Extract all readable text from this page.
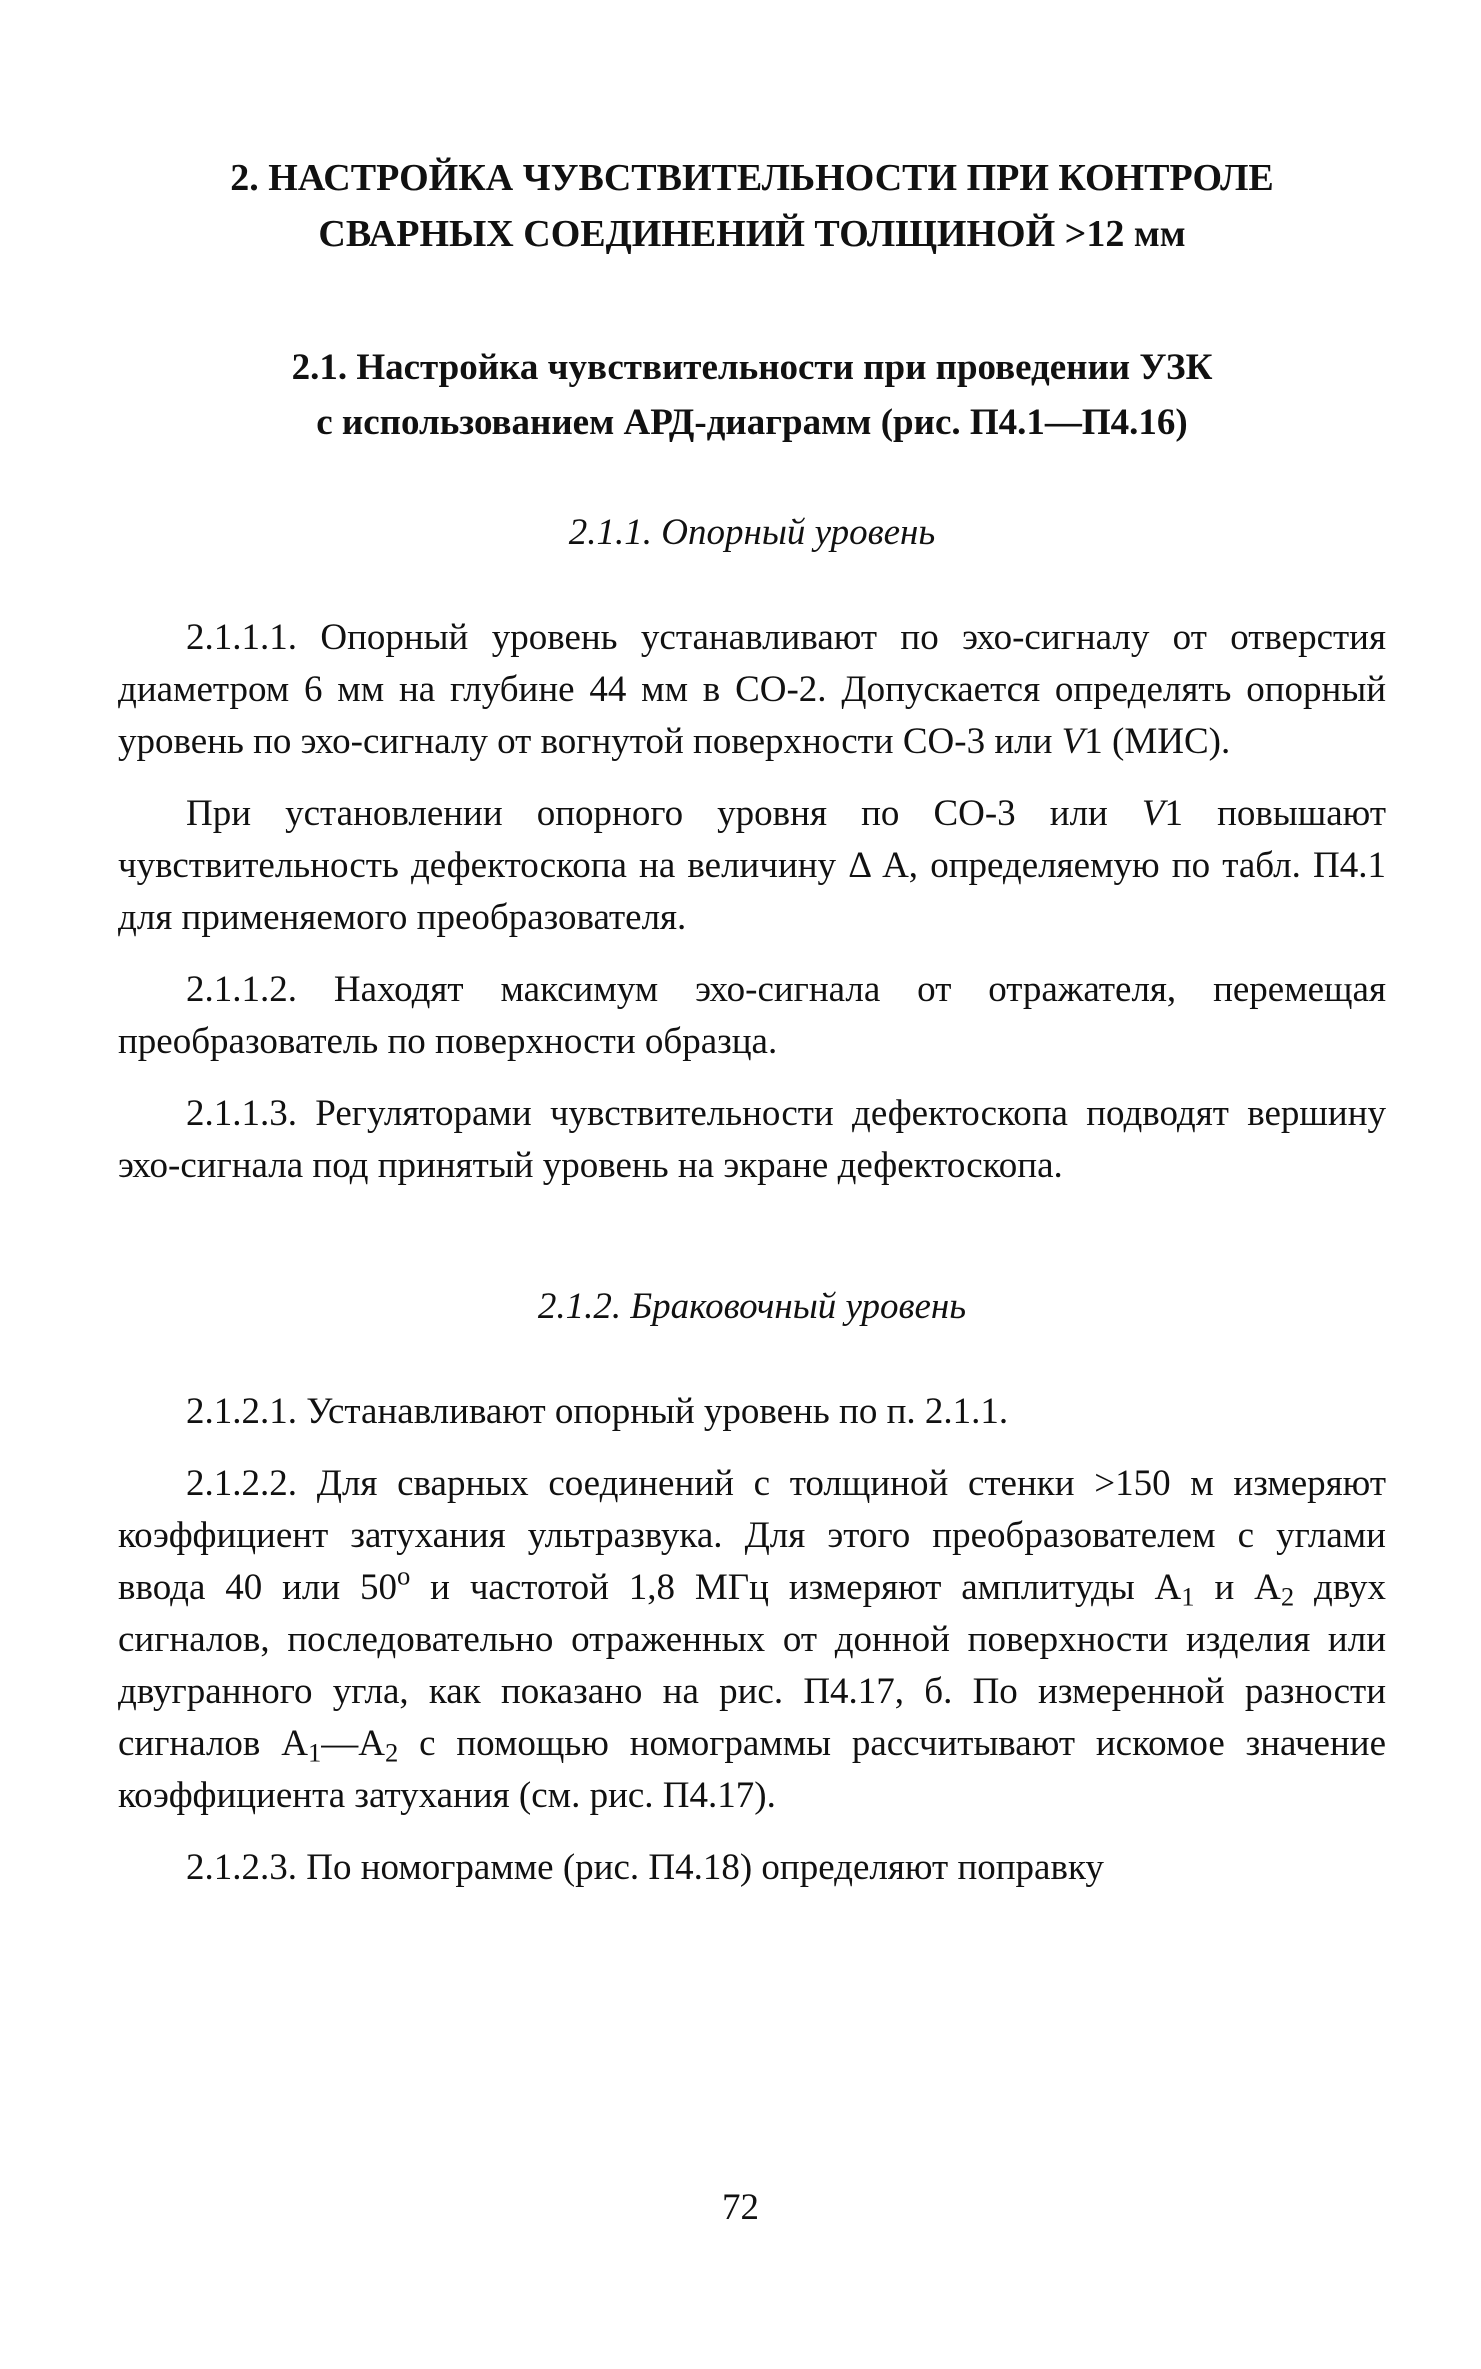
2. НАСТРОЙКА ЧУВСТВИТЕЛЬНОСТИ ПРИ КОНТРОЛЕ
СВАРНЫХ СОЕДИНЕНИЙ ТОЛЩИНОЙ >12 мм
2.1. Настройка чувствительности при проведении УЗК
с использованием АРД-диаграмм (рис. П4.1—П4.16)
2.1.1. Опорный уровень

2.1.1.1. Опорный уровень устанавливают по эхо-сигналу от отверстия диаметром 6 мм на глубине 44 мм в СО-2. Допускается определять опорный уровень по эхо-сигналу от вогнутой поверхности СО-3 или V1 (МИС).

При установлении опорного уровня по СО-3 или V1 повышают чувствительность дефектоскопа на величину Δ А, определяемую по табл. П4.1 для применяемого преобразователя.

2.1.1.2. Находят максимум эхо-сигнала от отражателя, перемещая преобразователь по поверхности образца.

2.1.1.3. Регуляторами чувствительности дефектоскопа подводят вершину эхо-сигнала под принятый уровень на экране дефектоскопа.

2.1.2. Браковочный уровень

2.1.2.1. Устанавливают опорный уровень по п. 2.1.1.

2.1.2.2. Для сварных соединений с толщиной стенки >150 м измеряют коэффициент затухания ультразвука. Для этого преобразователем с углами ввода 40 или $50^о$ и частотой 1,8 МГц измеряют амплитуды $А_1$ и $А_2$ двух сигналов, последовательно отраженных от донной поверхности изделия или двугранного угла, как показано на рис. П4.17, б. По измеренной разности сигналов $А_1—А_2$ с помощью номограммы рассчитывают искомое значение коэффициента затухания (см. рис. П4.17).

2.1.2.3. По номограмме (рис. П4.18) определяют поправку

72
